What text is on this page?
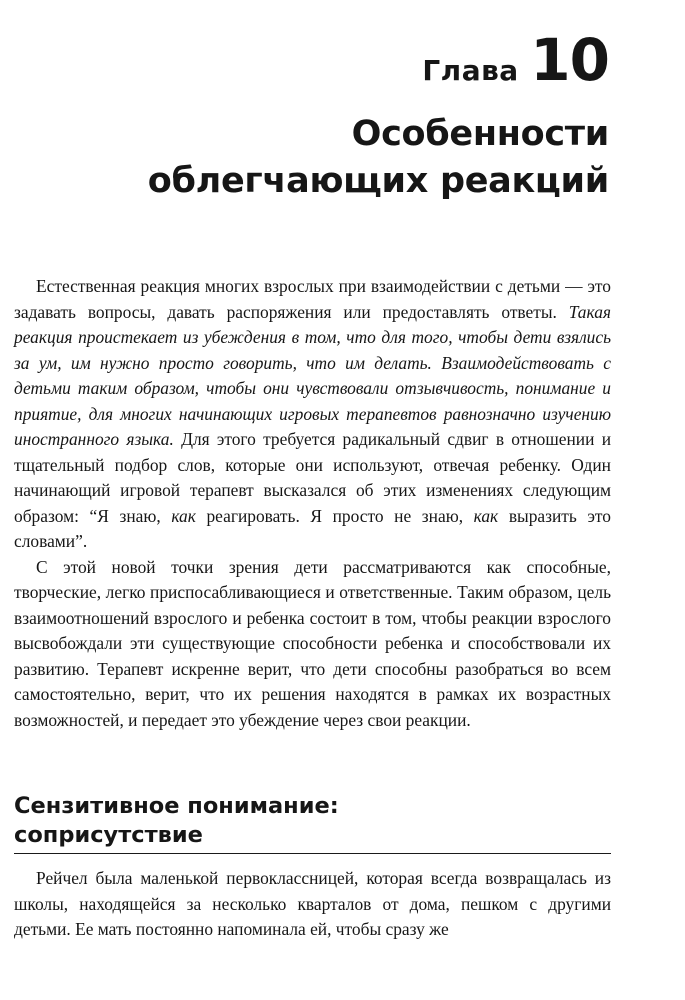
Глава 10
Особенности
облегчающих реакций

Естественная реакция многих взрослых при взаимодействии с детьми — это задавать вопросы, давать распоряжения или предоставлять ответы. Такая реакция проистекает из убеждения в том, что для того, чтобы дети взялись за ум, им нужно просто говорить, что им делать. Взаимодействовать с детьми таким образом, чтобы они чувствовали отзывчивость, понимание и приятие, для многих начинающих игровых терапевтов равнозначно изучению иностранного языка. Для этого требуется радикальный сдвиг в отношении и тщательный подбор слов, которые они используют, отвечая ребенку. Один начинающий игровой терапевт высказался об этих изменениях следующим образом: “Я знаю, как реагировать. Я просто не знаю, как выразить это словами”.

С этой новой точки зрения дети рассматриваются как способные, творческие, легко приспосабливающиеся и ответственные. Таким образом, цель взаимоотношений взрослого и ребенка состоит в том, чтобы реакции взрослого высвобождали эти существующие способности ребенка и способствовали их развитию. Терапевт искренне верит, что дети способны разобраться во всем самостоятельно, верит, что их решения находятся в рамках их возрастных возможностей, и передает это убеждение через свои реакции.

Сензитивное понимание:
соприсутствие

Рейчел была маленькой первоклассницей, которая всегда возвращалась из школы, находящейся за несколько кварталов от дома, пешком с другими детьми. Ее мать постоянно напоминала ей, чтобы сразу же
